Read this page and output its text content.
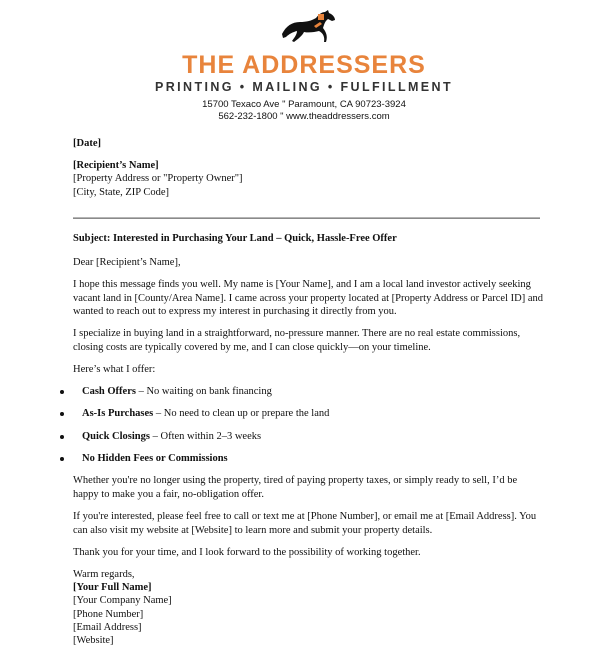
THE ADDRESSERS
PRINTING • MAILING • FULFILLMENT
15700 Texaco Ave ʺ Paramount, CA 90723-3924
562-232-1800 ʺ www.theaddressers.com

[Date]

[Recipient’s Name]

[Property Address or "Property Owner"]

[City, State, ZIP Code]

Subject: Interested in Purchasing Your Land – Quick, Hassle-Free Offer

Dear [Recipient’s Name],

I hope this message finds you well. My name is [Your Name], and I am a local land investor actively seeking vacant land in [County/Area Name]. I came across your property located at [Property Address or Parcel ID] and wanted to reach out to express my interest in purchasing it directly from you.

I specialize in buying land in a straightforward, no-pressure manner. There are no real estate commissions, closing costs are typically covered by me, and I can close quickly—on your timeline.

Here’s what I offer:

Cash Offers – No waiting on bank financing
As-Is Purchases – No need to clean up or prepare the land
Quick Closings – Often within 2–3 weeks
No Hidden Fees or Commissions

Whether you're no longer using the property, tired of paying property taxes, or simply ready to sell, I’d be happy to make you a fair, no-obligation offer.

If you're interested, please feel free to call or text me at [Phone Number], or email me at [Email Address]. You can also visit my website at [Website] to learn more and submit your property details.

Thank you for your time, and I look forward to the possibility of working together.

Warm regards,

[Your Full Name]

[Your Company Name]

[Phone Number]

[Email Address]

[Website]
